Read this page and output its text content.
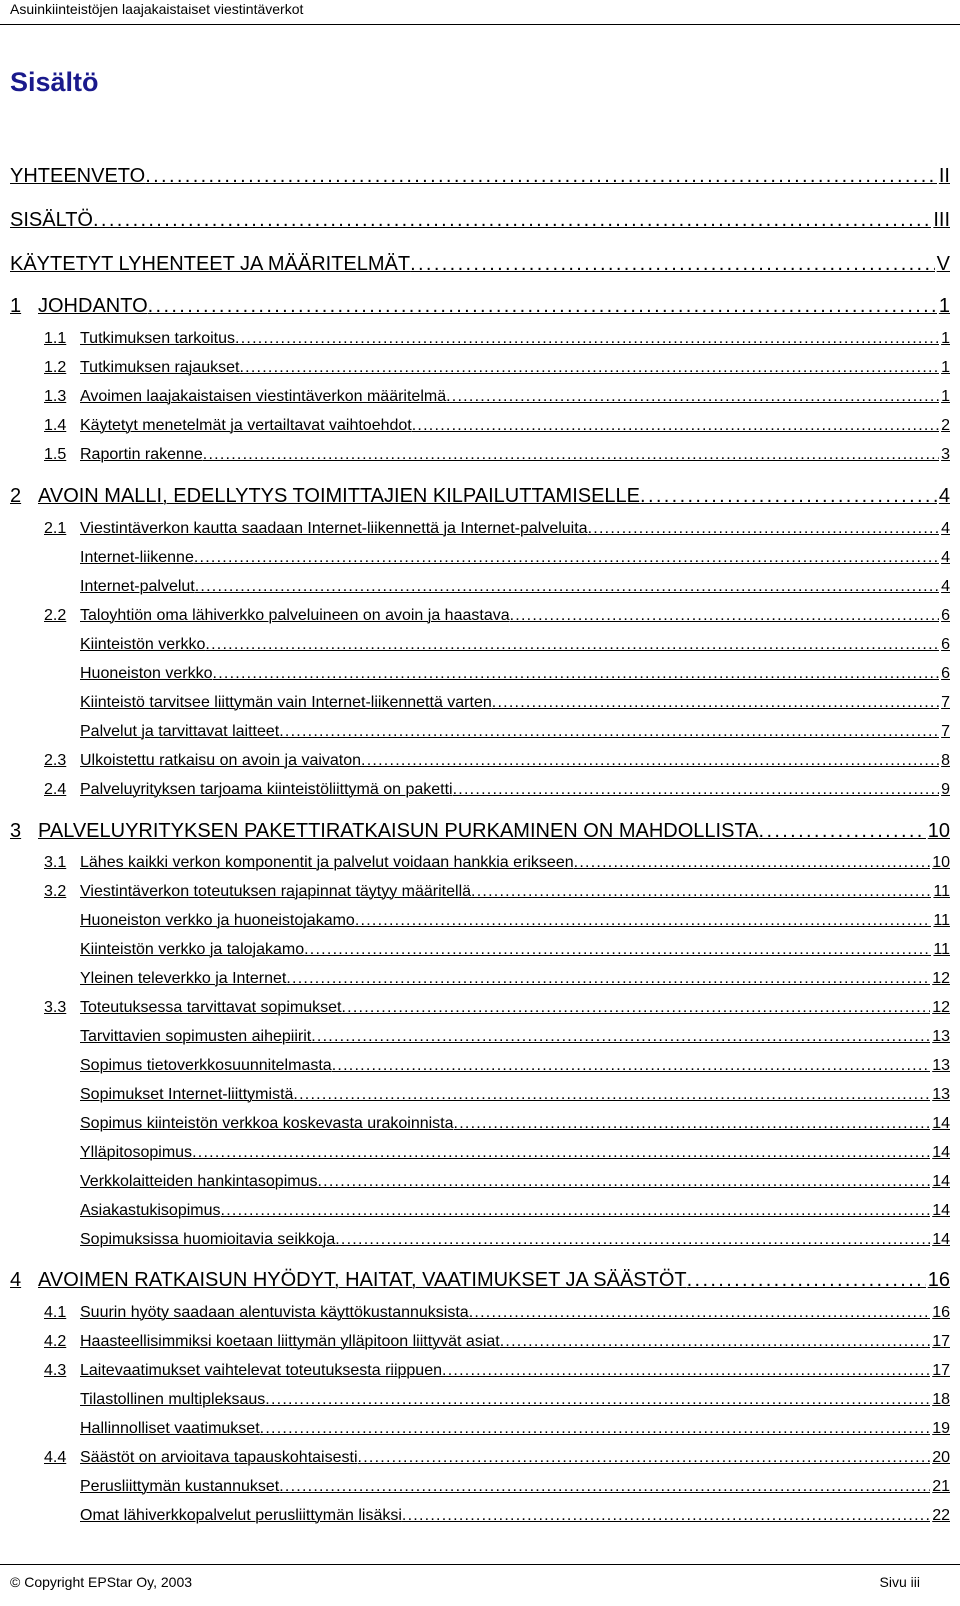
Asuinkiinteistöjen laajakaistaiset viestintäverkot
Sisältö
YHTEENVETO . . .	II
SISÄLTÖ . . .	III
KÄYTETYT LYHENTEET JA MÄÄRITELMÄT . . .	V
1 JOHDANTO . . .	1
1.1 Tutkimuksen tarkoitus . . .	1
1.2 Tutkimuksen rajaukset . . .	1
1.3 Avoimen laajakaistaisen viestintäverkon määritelmä . . .	1
1.4 Käytetyt menetelmät ja vertailtavat vaihtoehdot . . .	2
1.5 Raportin rakenne . . .	3
2 AVOIN MALLI, EDELLYTYS TOIMITTAJIEN KILPAILUTTAMISELLE . . .	4
2.1 Viestintäverkon kautta saadaan Internet-liikennettä ja Internet-palveluita . . .	4
Internet-liikenne . . .	4
Internet-palvelut . . .	4
2.2 Taloyhtiön oma lähiverkko palveluineen on avoin ja haastava . . .	6
Kiinteistön verkko . . .	6
Huoneiston verkko . . .	6
Kiinteistö tarvitsee liittymän vain Internet-liikennettä varten . . .	7
Palvelut ja tarvittavat laitteet . . .	7
2.3 Ulkoistettu ratkaisu on avoin ja vaivaton . . .	8
2.4 Palveluyrityksen tarjoama kiinteistöliittymä on paketti . . .	9
3 PALVELUYRITYKSEN PAKETTIRATKAISUN PURKAMINEN ON MAHDOLLISTA . . .	10
3.1 Lähes kaikki verkon komponentit ja palvelut voidaan hankkia erikseen . . .	10
3.2 Viestintäverkon toteutuksen rajapinnat täytyy määritellä . . .	11
Huoneiston verkko ja huoneistojakamo . . .	11
Kiinteistön verkko ja talojakamo . . .	11
Yleinen televerkko ja Internet . . .	12
3.3 Toteutuksessa tarvittavat sopimukset . . .	12
Tarvittavien sopimusten aihepiirit . . .	13
Sopimus tietoverkkosuunnitelmasta . . .	13
Sopimukset Internet-liittymistä . . .	13
Sopimus kiinteistön verkkoa koskevasta urakoinnista . . .	14
Ylläpitosopimus . . .	14
Verkkolaitteiden hankintasopimus . . .	14
Asiakastukisopimus . . .	14
Sopimuksissa huomioitavia seikkoja . . .	14
4 AVOIMEN RATKAISUN HYÖDYT, HAITAT, VAATIMUKSET JA SÄÄSTÖT . . .	16
4.1 Suurin hyöty saadaan alentuvista käyttökustannuksista . . .	16
4.2 Haasteellisimmiksi koetaan liittymän ylläpitoon liittyvät asiat . . .	17
4.3 Laitevaatimukset vaihtelevat toteutuksesta riippuen . . .	17
Tilastollinen multipleksaus . . .	18
Hallinnolliset vaatimukset . . .	19
4.4 Säästöt on arvioitava tapauskohtaisesti . . .	20
Perusliittymän kustannukset . . .	21
Omat lähiverkkopalvelut perusliittymän lisäksi . . .	22
© Copyright EPStar Oy, 2003	Sivu iii
